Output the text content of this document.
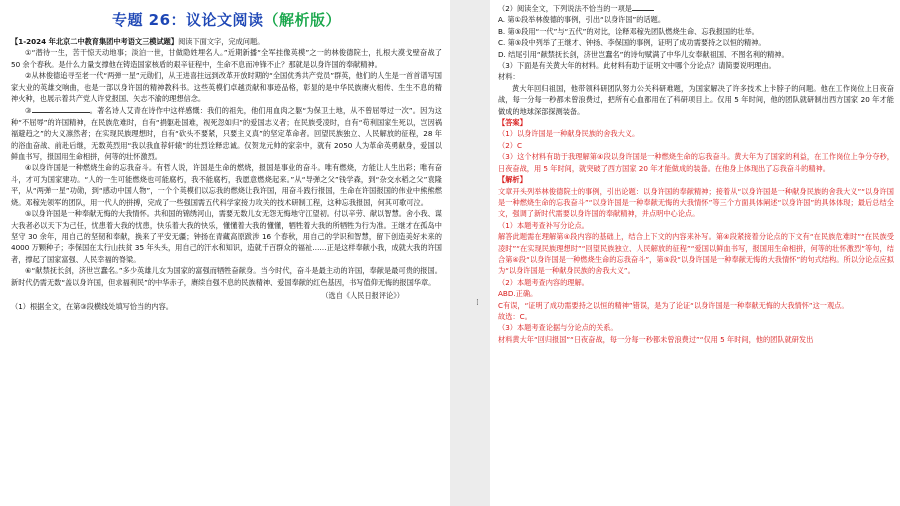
专题 26：议论文阅读（解析版）

【1-2024 年北京二中教育集团中考语文三模试题】阅读下面文字，完成问题。

①“潜待一生，苦干惊天动地事；淡泊一世，甘做隐姓埋名人。”近期新播“全军挂像英模”之一的林俊德院士，扎根大漠戈壁奋战了 50 余个春秋。是什么力量支撑他在铸造国家核盾的艰辛征程中，生命不息而冲锋不止？那就是以身许国的奉献精神。

②从林俊德追寻至老一代“两弹一星”元勋们，从王进喜拄远到改革开放时期的“全国优秀共产党员”群英，他们的人生是一首首谱写国家大业的英雄交响曲，也是一部以身许国的精神教科书。这些英模们卓越贡献和事迹品格，彰显的是中华民族赓火相传、生生不息的精神火种，也展示着共产党人许党报国、矢志不渝的理想信念。

③	。著名诗人艾青在诗作中这样感慨：我们的祖先，他们用血肉之躯“为保卫土地，从不曾屈辱过一次”。因为这种“不屈辱”的许国精神，在民族危难时，自有“捐躯赴国难，视死忽如归”的爱国志义者；在民族受凌时，自有“苟利国家生死以，岂因祸福避趋之”的大义凛然者；在实现民族理想时，自有“砍头不要紧，只要主义真”的坚定革命者。回望民族独立、人民解放的征程，28 年的浴血奋战、前赴后继，无数英烈用“我以我血荐轩辕”的壮烈诠释忠诚。仅贺龙元帅的家亲中，就有 2050 人为革命英勇献身，爱国以鲜血书写，报国用生命相拼，何等的壮怀激烈。

④以身许国是一种燃烧生命的忘我奋斗。有哲人说，许国是生命的燃烧，报国是事业的奋斗。唯有燃烧，方能让人生出彩；唯有奋斗，才可为国家建功。“人的一生可能燃烧也可能腐朽，我不能腐朽，我愿意燃烧起来。”从“导弹之父”钱学森，到“杂交水稻之父”袁隆平，从“两弹一星”功勋，到“感动中国人物”，一个个英模们以忘我的燃烧让我许国，用奋斗践行报国，生命在许国报国的伟业中熊熊燃烧。邓稼先领军的团队，用一代人的拼搏，完成了一些强国需五代科学家接力攻关的技术研制工程，这种忘我报国，何其可歌可泣。

⑤以身许国是一种奉献无悔的大我情怀。共和国的锦绣河山，需要无数儿女无怨无悔地守江望初。付以辛劳、献以智慧。舍小我、谋大我者必以天下为己任，忧患着大我的忧患，快乐着大我的快乐，懂懂着大我的懂懂，牺牲着大我的所牺牲为行为准。王继才在孤岛中坚守 30 余年，用自己的坚韧和奉献，换来了平安无疆；钟扬在青藏高原跋涉 16 个春秋，用自己的学识和智慧，留下创造美好未来的 4000 万颗种子；李保国在太行山扶贫 35 年头头，用自己的汗水和知识，造就千百群众的福祉……正是这样奉献小我，成就大我的许国者，撑起了国家富强、人民幸福的脊梁。

⑥“献禁抚长剑，济世岂蠢名。”多少英雄儿女为国家的富强而牺牲奋献身。当今时代，奋斗是最主动的许国，奉献是最可贵的报国。新时代仍需无数“盖以身许国，但求福利民”的中华赤子，赓续自强不息的民族精神、爱国奉献的红色基因，书写值仰无悔的报国华章。

（选自《人民日报评论》）

（1）根据全文，在第③段横线处填写恰当的内容。	⁞

（2）阅读全文，下列说法不恰当的一项是

A. 第①段举林俊德的事例，引出“以身许国”的话题。

B. 第⑤段用“一代”与“五代”的对比，诠释邓稼先团队燃烧生命、忘我报国的壮举。

C. 第⑤段中列举了王继才、钟扬、李保国的事例，证明了成功需要持之以恒的精神。

D. 结尾引用“献禁抚长剑，济世岂蠢名”的诗句赋满了中华儿女奉献祖国、不图名利的精神。

（3）下面是有关黄大年的材料。此材料有助于证明文中哪个分论点？请简要说明理由。

材料：

黄大年回归祖国，他带领科研团队努力公关科研难题，为国家解决了许多技术上卡脖子的问题。他在工作岗位上日夜奋战，每一分每一秒都未曾浪费过，把所有心血都用在了科研项目上。仅用 5 年时间，他的团队就研制出西方国家 20 年才能做成的地球深部探测装备。

【答案】

（1）以身许国是一种献身民族的舍我大义。

（2）C

（3）这个材料有助于我理解第④段以身许国是一种燃烧生命的忘我奋斗。黄大年为了国家的利益，在工作岗位上争分夺秒，日夜奋战，用 5 年时间，就突破了西方国家 20 年才能做成的装备。在他身上体现出了忘我奋斗的精神。

【解析】

文章开头列举林俊德院士的事例，引出论题：以身许国的奉献精神；接着从“以身许国是一种献身民族的舍我大义”“以身许国是一种燃烧生命的忘我奋斗”“以身许国是一种奉献无悔的大我情怀”等三个方面具体阐述“以身许国”的具体体现；最后总结全文，强调了新时代需要以身许国的奉献精神，并点明中心论点。

（1）本题考查补写分论点。

解答此题需在理解第④段内容的基础上，结合上下文的内容来补写。第④段紧接着分论点的下文有“在民族危难时”“在民族受凌时”“在实现民族理想时”“回望民族独立、人民解放的征程”“爱国以鲜血书写，报国用生命相拼，何等的壮怀激烈”等句，结合第④段“以身许国是一种燃烧生命的忘我奋斗”，第⑤段“以身许国是一种奉献无悔的大我情怀”的句式结构。所以分论点应拟为“以身许国是一种献身民族的舍我大义”。

（2）本题考查内容的理解。

ABD.正确。

C有误，“证明了成功需要持之以恒的精神”错误，是为了论证“以身许国是一种奉献无悔的大我情怀”这一观点。

故选：C。

（3）本题考查论据与分论点的关系。

材料黄大年“回归报国”“日夜奋战，每一分每一秒都未曾浪费过”“仅用 5 年时间，他的团队就研发出
